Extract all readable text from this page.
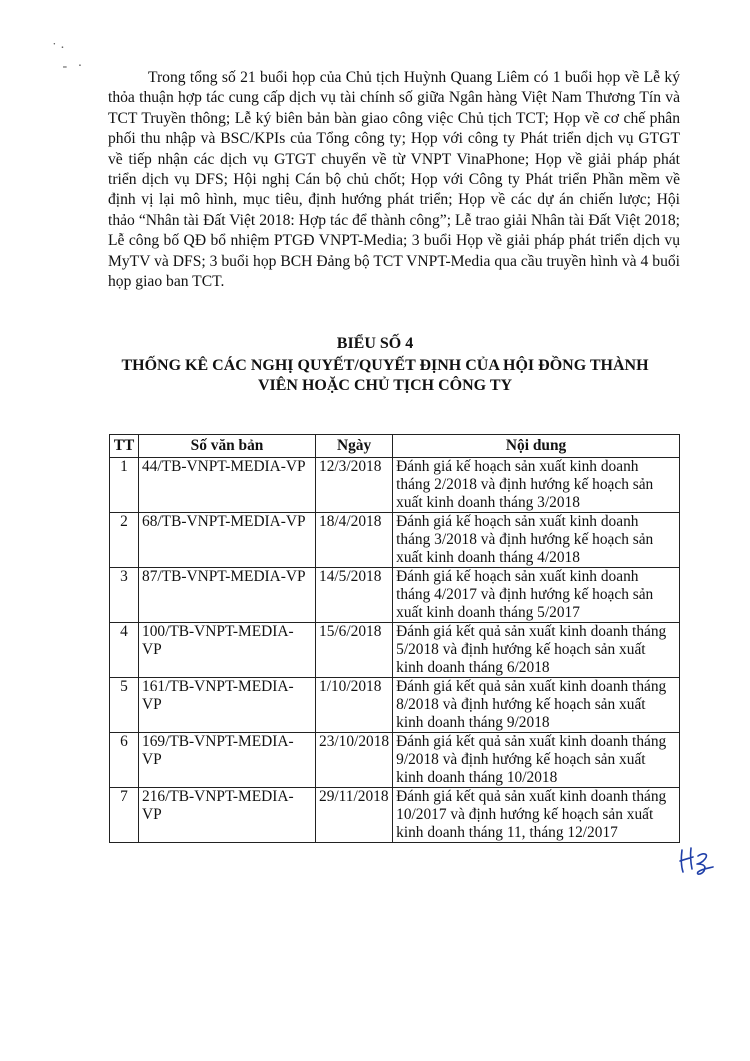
˙ ·
-   ·

Trong tổng số 21 buổi họp của Chủ tịch Huỳnh Quang Liêm có 1 buổi họp về Lễ ký thỏa thuận hợp tác cung cấp dịch vụ tài chính số giữa Ngân hàng Việt Nam Thương Tín và TCT Truyền thông; Lễ ký biên bản bàn giao công việc Chủ tịch TCT; Họp về cơ chế phân phối thu nhập và BSC/KPIs của Tổng công ty; Họp với công ty Phát triển dịch vụ GTGT về tiếp nhận các dịch vụ GTGT chuyển về từ VNPT VinaPhone; Họp về giải pháp phát triển dịch vụ DFS; Hội nghị Cán bộ chủ chốt; Họp với Công ty Phát triển Phần mềm về định vị lại mô hình, mục tiêu, định hướng phát triển; Họp về các dự án chiến lược; Hội thảo “Nhân tài Đất Việt 2018: Hợp tác để thành công”; Lễ trao giải Nhân tài Đất Việt 2018; Lễ công bố QĐ bổ nhiệm PTGĐ VNPT-Media; 3 buổi Họp về giải pháp phát triển dịch vụ MyTV và DFS; 3 buổi họp BCH Đảng bộ TCT VNPT-Media qua cầu truyền hình và 4 buổi họp giao ban TCT.

BIỂU SỐ 4

THỐNG KÊ CÁC NGHỊ QUYẾT/QUYẾT ĐỊNH CỦA HỘI ĐỒNG THÀNH VIÊN HOẶC CHỦ TỊCH CÔNG TY

TT	Số văn bản	Ngày	Nội dung
1	44/TB-VNPT-MEDIA-VP	12/3/2018	Đánh giá kế hoạch sản xuất kinh doanh tháng 2/2018 và định hướng kế hoạch sản xuất kinh doanh tháng 3/2018
2	68/TB-VNPT-MEDIA-VP	18/4/2018	Đánh giá kế hoạch sản xuất kinh doanh tháng 3/2018 và định hướng kế hoạch sản xuất kinh doanh tháng 4/2018
3	87/TB-VNPT-MEDIA-VP	14/5/2018	Đánh giá kế hoạch sản xuất kinh doanh tháng 4/2017 và định hướng kế hoạch sản xuất kinh doanh tháng 5/2017
4	100/TB-VNPT-MEDIA-VP	15/6/2018	Đánh giá kết quả sản xuất kinh doanh tháng 5/2018 và định hướng kế hoạch sản xuất kinh doanh tháng 6/2018
5	161/TB-VNPT-MEDIA-VP	1/10/2018	Đánh giá kết quả sản xuất kinh doanh tháng 8/2018 và định hướng kế hoạch sản xuất kinh doanh tháng 9/2018
6	169/TB-VNPT-MEDIA-VP	23/10/2018	Đánh giá kết quả sản xuất kinh doanh tháng 9/2018 và định hướng kế hoạch sản xuất kinh doanh tháng 10/2018
7	216/TB-VNPT-MEDIA-VP	29/11/2018	Đánh giá kết quả sản xuất kinh doanh tháng 10/2017 và định hướng kế hoạch sản xuất kinh doanh tháng 11, tháng 12/2017
